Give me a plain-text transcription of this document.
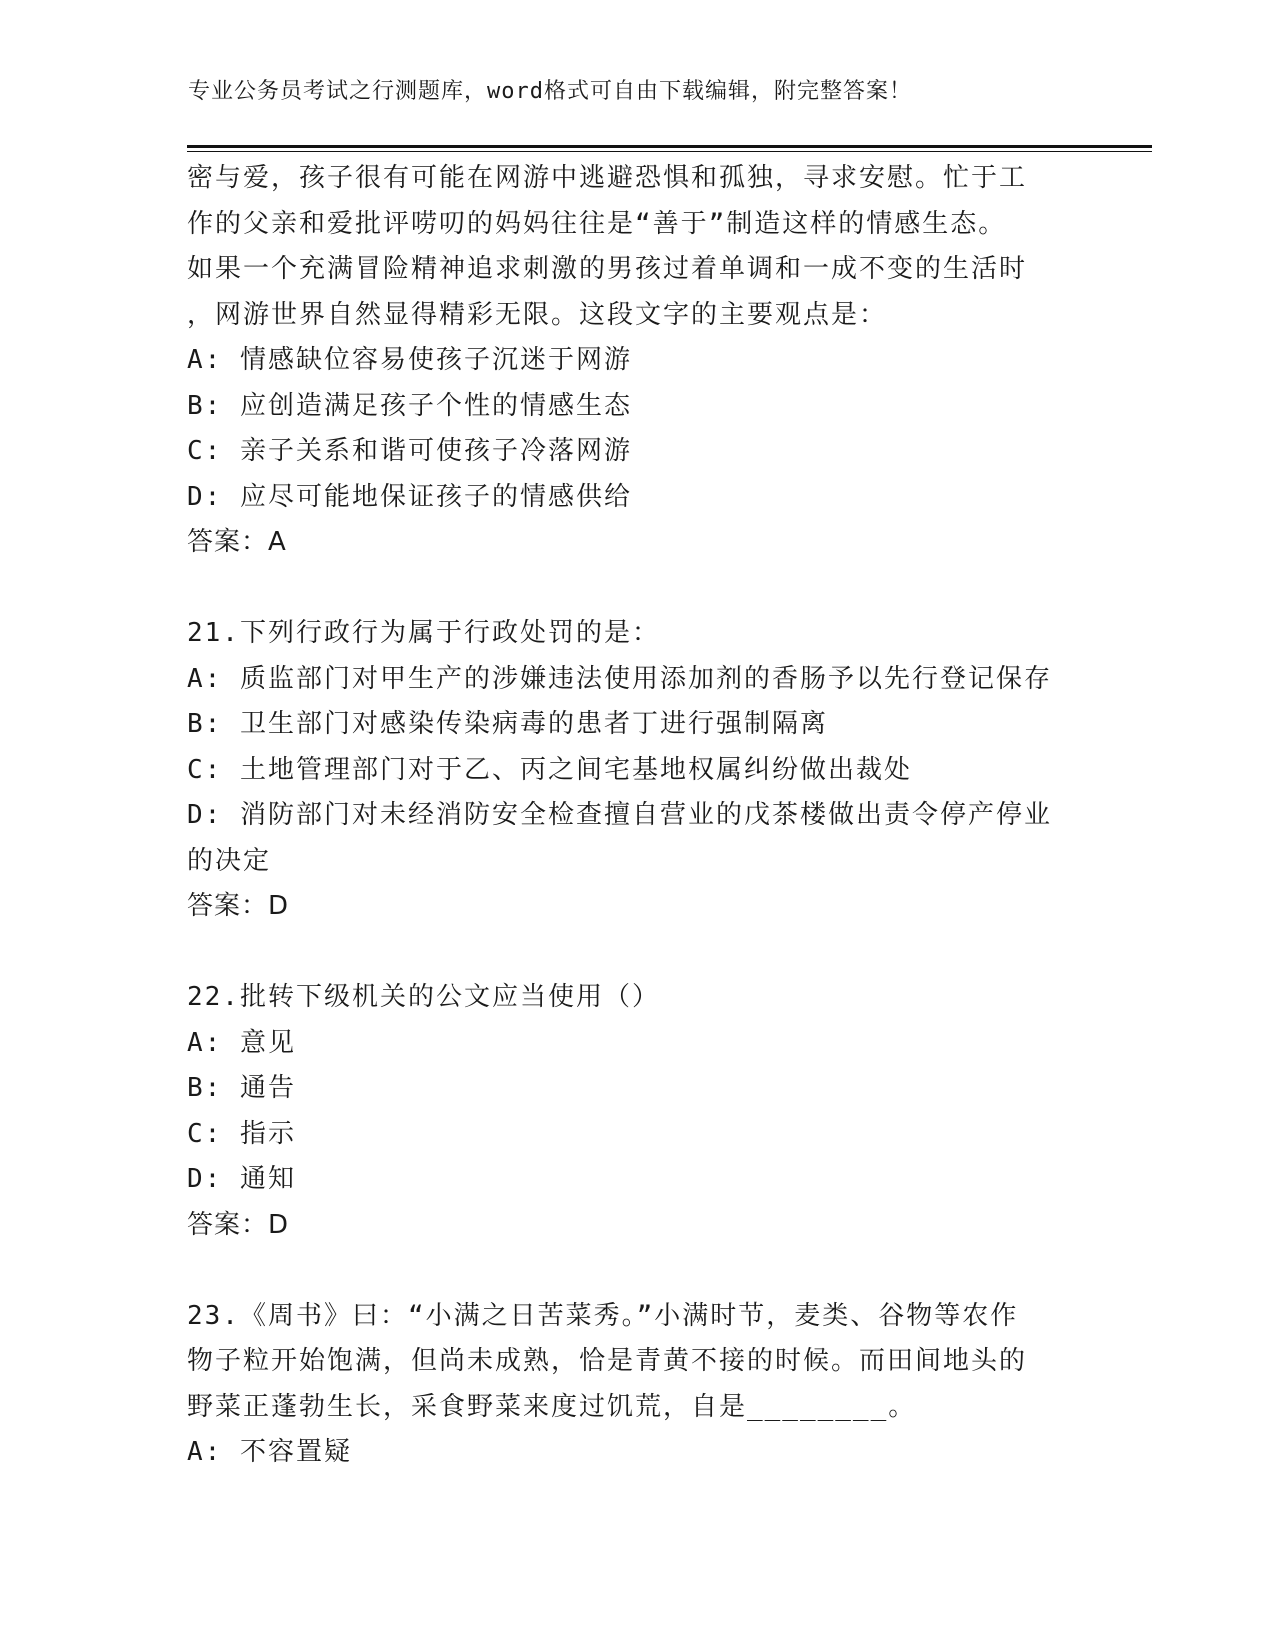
专业公务员考试之行测题库，word格式可自由下载编辑，附完整答案！
密与爱，孩子很有可能在网游中逃避恐惧和孤独，寻求安慰。忙于工
作的父亲和爱批评唠叨的妈妈往往是“善于”制造这样的情感生态。
如果一个充满冒险精神追求刺激的男孩过着单调和一成不变的生活时
，网游世界自然显得精彩无限。这段文字的主要观点是：
A: 情感缺位容易使孩子沉迷于网游
B: 应创造满足孩子个性的情感生态
C: 亲子关系和谐可使孩子冷落网游
D: 应尽可能地保证孩子的情感供给
答案：A
21.下列行政行为属于行政处罚的是：
A: 质监部门对甲生产的涉嫌违法使用添加剂的香肠予以先行登记保存
B: 卫生部门对感染传染病毒的患者丁进行强制隔离
C: 土地管理部门对于乙、丙之间宅基地权属纠纷做出裁处
D: 消防部门对未经消防安全检查擅自营业的戊茶楼做出责令停产停业
的决定
答案：D
22.批转下级机关的公文应当使用（）
A: 意见
B: 通告
C: 指示
D: 通知
答案：D
23.《周书》曰：“小满之日苦菜秀。”小满时节，麦类、谷物等农作
物子粒开始饱满，但尚未成熟，恰是青黄不接的时候。而田间地头的
野菜正蓬勃生长，采食野菜来度过饥荒，自是________。
A: 不容置疑
